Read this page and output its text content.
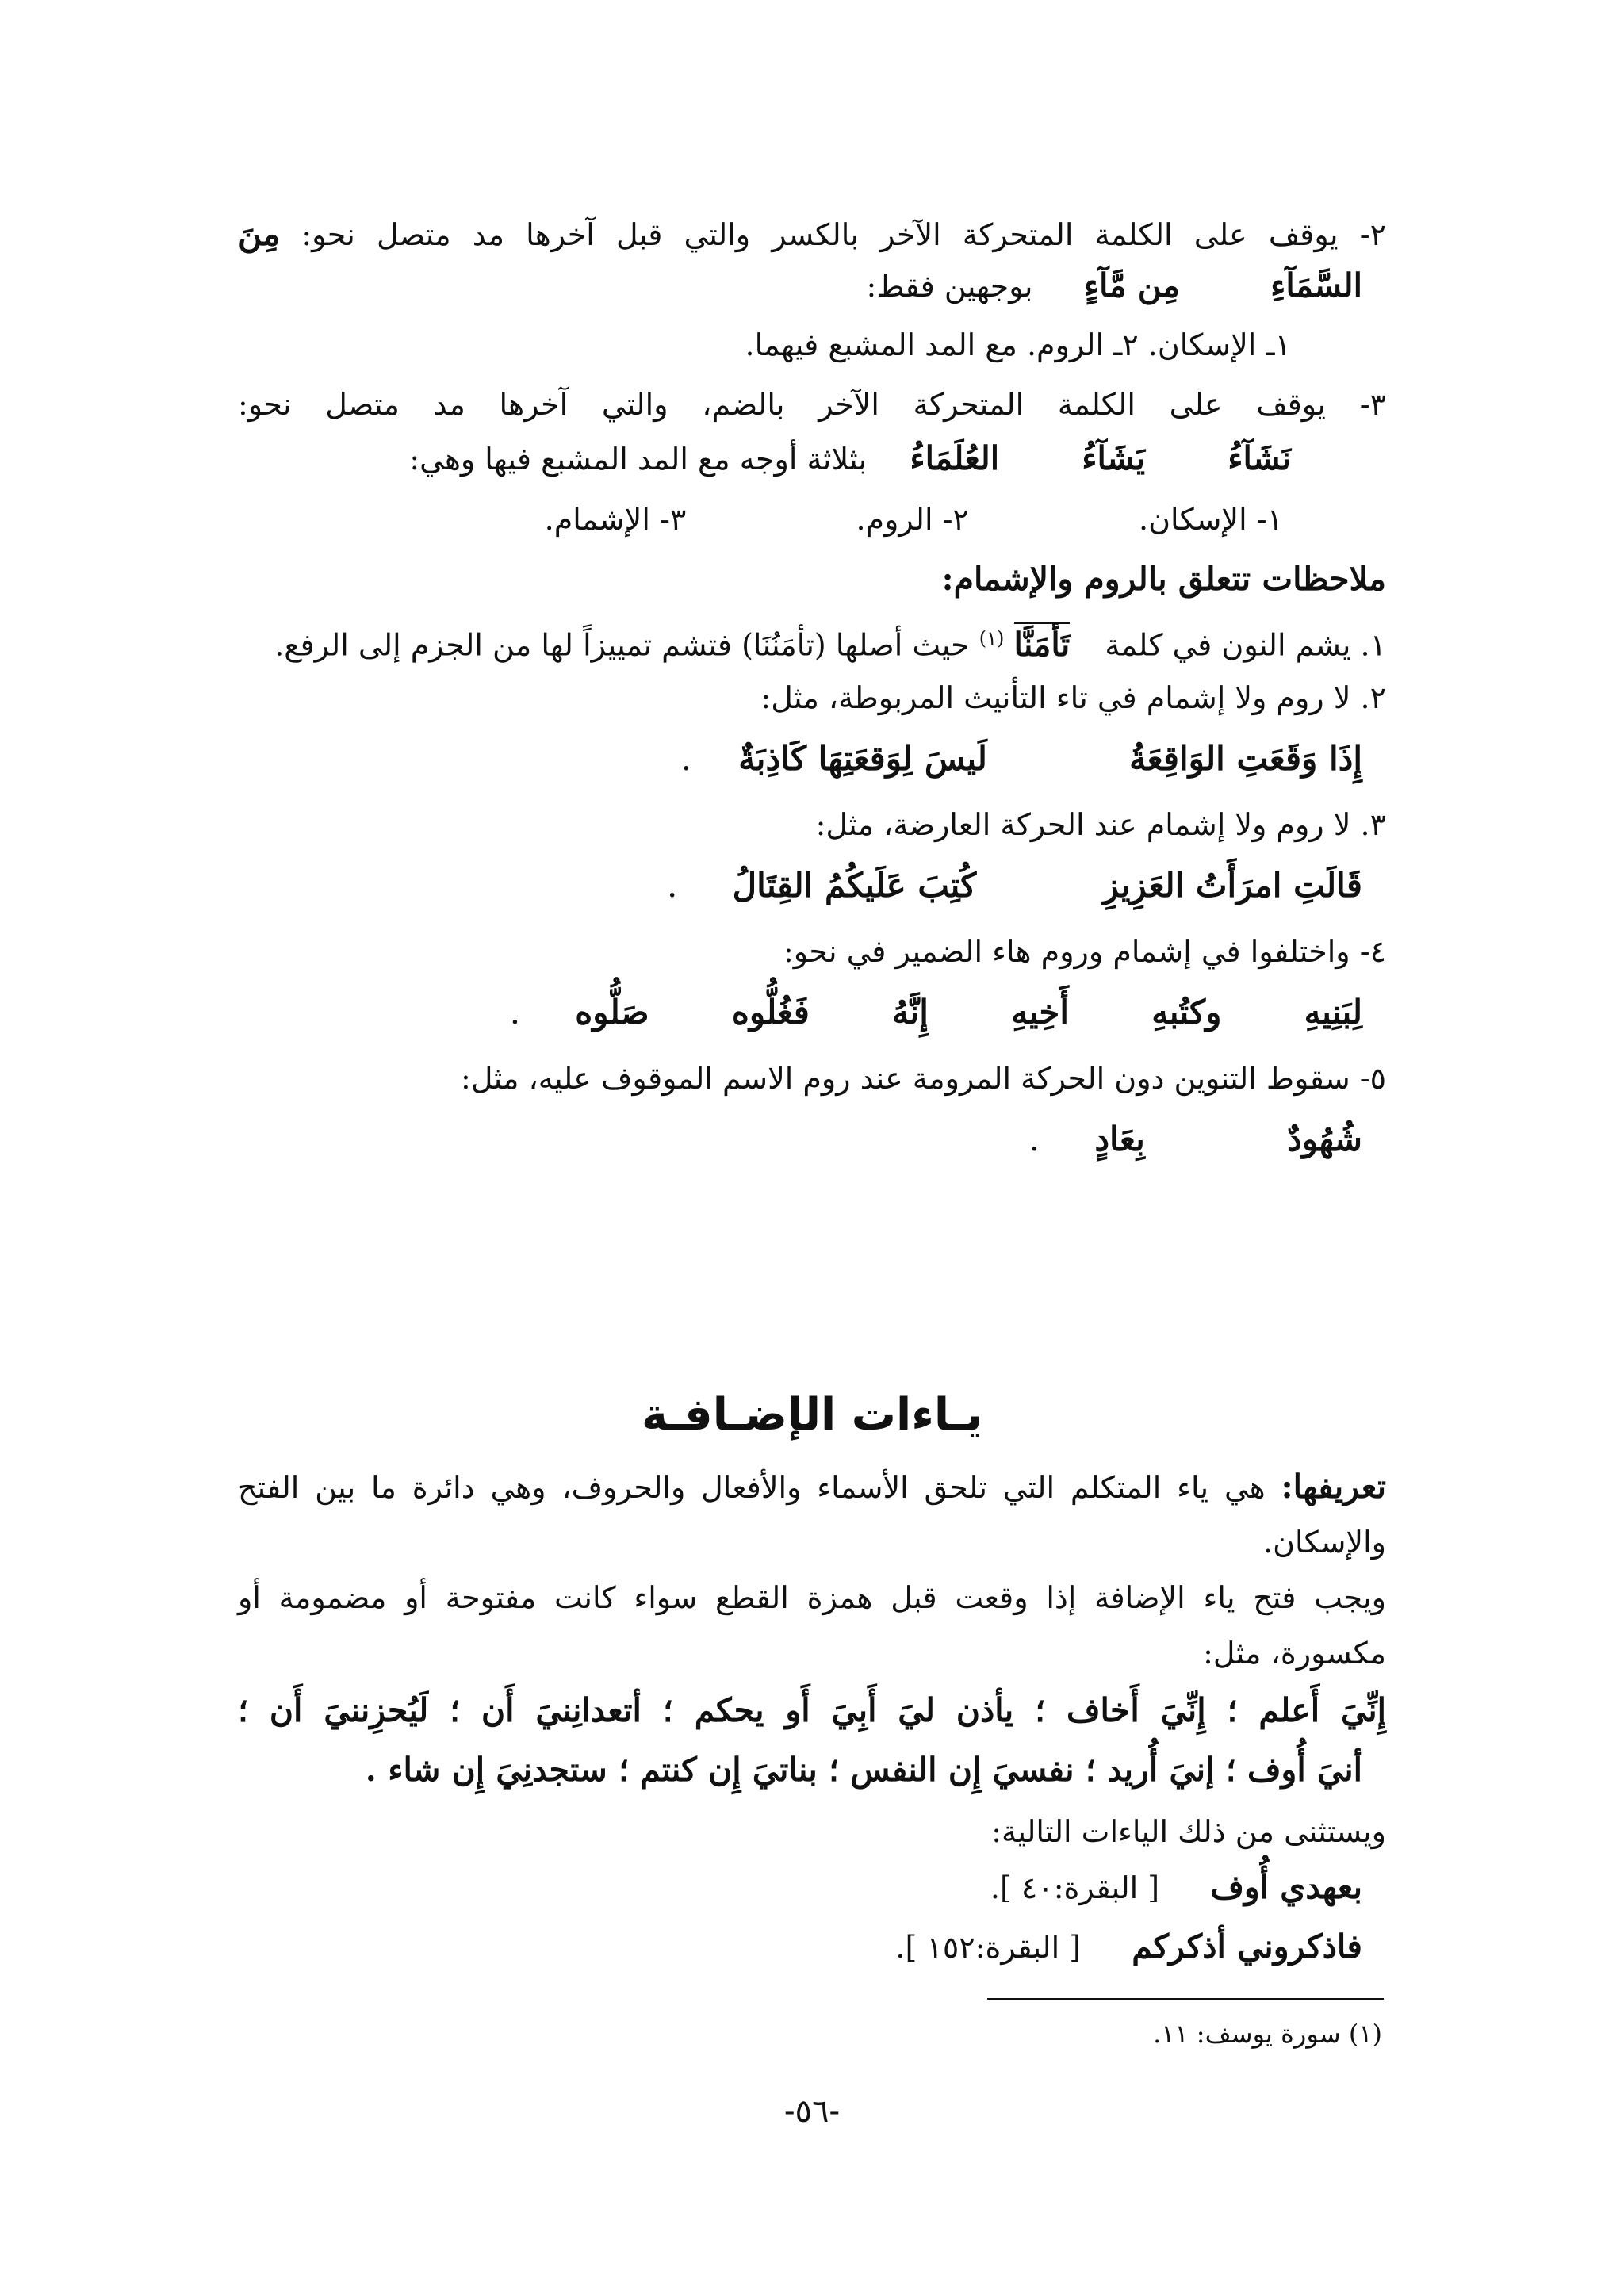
٢- يوقف على الكلمة المتحركة الآخر بالكسر والتي قبل آخرها مد متصل نحو: مِنَ
السَّمَآءِ  مِن مَّآءٍ  بوجهين فقط:
١ـ الإسكان. ٢ـ الروم. مع المد المشبع فيهما.
٣- يوقف على الكلمة المتحركة الآخر بالضم، والتي آخرها مد متصل نحو:
نَشَآءُ  يَشَآءُ  العُلَمَاءُ  بثلاثة أوجه مع المد المشبع فيها وهي:
١- الإسكان.  ٢- الروم.  ٣- الإشمام.
ملاحظات تتعلق بالروم والإشمام:
١. يشم النون في كلمة  تَأمَنَّا $^{(١)}$ حيث أصلها (تأمَنُنَا) فتشم تمييزاً لها من الجزم إلى الرفع.
٢. لا روم ولا إشمام في تاء التأنيث المربوطة، مثل:
إِذَا وَقَعَتِ الوَاقِعَةُ  لَيسَ لِوَقعَتِهَا كَاذِبَةٌ  .
٣. لا روم ولا إشمام عند الحركة العارضة، مثل:
قَالَتِ امرَأَتُ العَزِيزِ  كُتِبَ عَلَيكُمُ القِتَالُ  .
٤- واختلفوا في إشمام وروم هاء الضمير في نحو:
لِبَنِيهِ  وكتُبهِ  أَخِيهِ  إِنَّهُ  فَغُلُّوه  صَلُّوه  .
٥- سقوط التنوين دون الحركة المرومة عند روم الاسم الموقوف عليه، مثل:
شُهُودٌ  بِعَادٍ  .
يـاءات الإضـافـة
تعريفها: هي ياء المتكلم التي تلحق الأسماء والأفعال والحروف، وهي دائرة ما بين الفتح
والإسكان.
ويجب فتح ياء الإضافة إذا وقعت قبل همزة القطع سواء كانت مفتوحة أو مضمومة أو
مكسورة، مثل:
إِنِّيَ أَعلم ؛ إِنِّيَ أَخاف ؛ يأذن ليَ أَبِيَ أَو يحكم ؛ أتعدانِنيَ أَن ؛ لَيُحزِننيَ أَن ؛
أنيَ أُوف ؛ إنيَ أُريد ؛ نفسيَ إِن النفس ؛ بناتيَ إِن كنتم ؛ ستجدنِيَ إِن شاء .
ويستثنى من ذلك الياءات التالية:
بعهدي أُوف  [ البقرة:٤٠ ].
فاذكروني أذكركم  [ البقرة:١٥٢ ].
(١) سورة يوسف: ١١.
-٥٦-
